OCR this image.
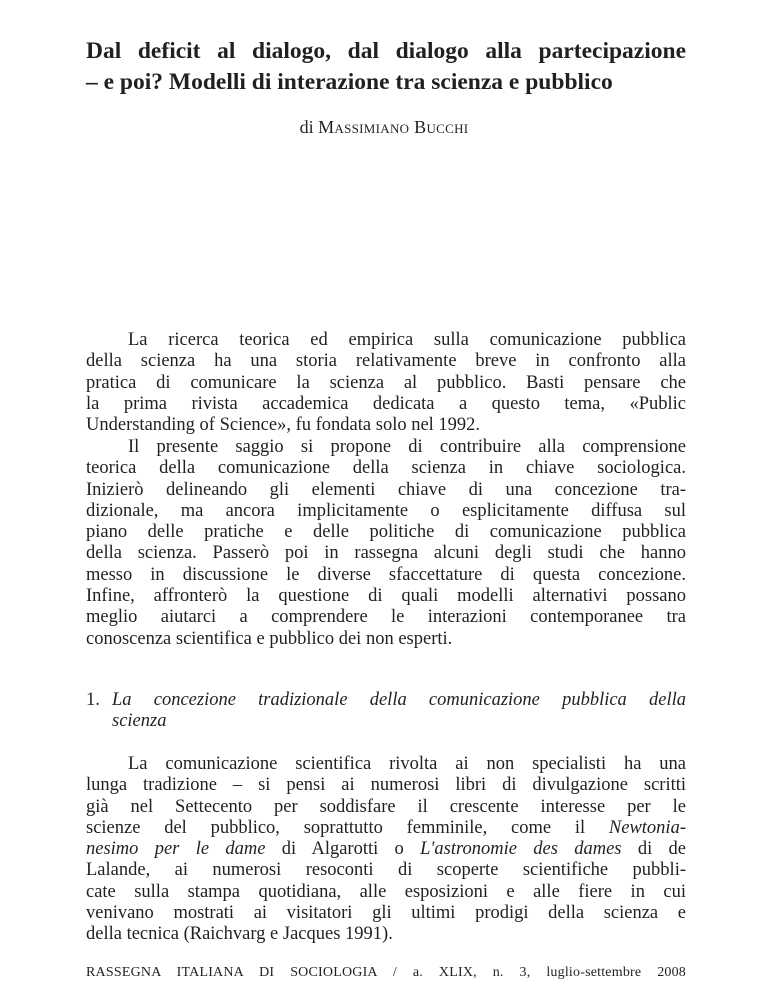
Dal deficit al dialogo, dal dialogo alla partecipazione
– e poi? Modelli di interazione tra scienza e pubblico
di Massimiano Bucchi

La ricerca teorica ed empirica sulla comunicazione pubblica
della scienza ha una storia relativamente breve in confronto alla
pratica di comunicare la scienza al pubblico. Basti pensare che
la prima rivista accademica dedicata a questo tema, «Public
Understanding of Science», fu fondata solo nel 1992.

Il presente saggio si propone di contribuire alla comprensione
teorica della comunicazione della scienza in chiave sociologica.
Inizierò delineando gli elementi chiave di una concezione tra-
dizionale, ma ancora implicitamente o esplicitamente diffusa sul
piano delle pratiche e delle politiche di comunicazione pubblica
della scienza. Passerò poi in rassegna alcuni degli studi che hanno
messo in discussione le diverse sfaccettature di questa concezione.
Infine, affronterò la questione di quali modelli alternativi possano
meglio aiutarci a comprendere le interazioni contemporanee tra
conoscenza scientifica e pubblico dei non esperti.

1. La concezione tradizionale della comunicazione pubblica della
scienza

La comunicazione scientifica rivolta ai non specialisti ha una
lunga tradizione – si pensi ai numerosi libri di divulgazione scritti
già nel Settecento per soddisfare il crescente interesse per le
scienze del pubblico, soprattutto femminile, come il Newtonia-
nesimo per le dame di Algarotti o L'astronomie des dames di de
Lalande, ai numerosi resoconti di scoperte scientifiche pubbli-
cate sulla stampa quotidiana, alle esposizioni e alle fiere in cui
venivano mostrati ai visitatori gli ultimi prodigi della scienza e
della tecnica (Raichvarg e Jacques 1991).

RASSEGNA ITALIANA DI SOCIOLOGIA / a. XLIX, n. 3, luglio-settembre 2008
